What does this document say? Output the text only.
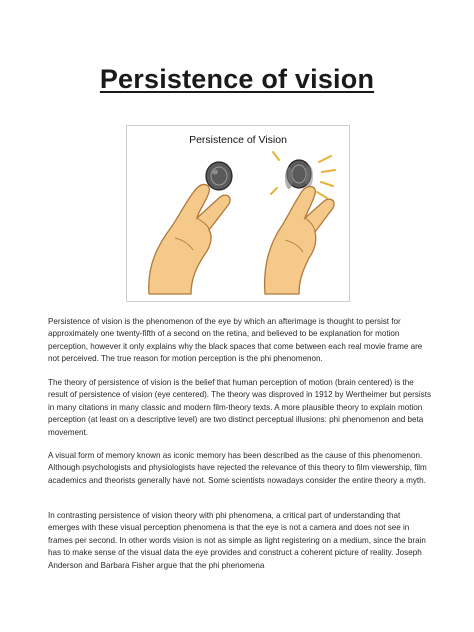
Persistence of vision
Persistence of Vision

Persistence of vision is the phenomenon of the eye by which an afterimage is thought to persist for approximately one twenty-fifth of a second on the retina, and believed to be explanation for motion perception, however it only explains why the black spaces that come between each real movie frame are not perceived. The true reason for motion perception is the phi phenomenon.

The theory of persistence of vision is the belief that human perception of motion (brain centered) is the result of persistence of vision (eye centered). The theory was disproved in 1912 by Wertheimer but persists in many citations in many classic and modern film-theory texts. A more plausible theory to explain motion perception (at least on a descriptive level) are two distinct perceptual illusions: phi phenomenon and beta movement.

A visual form of memory known as iconic memory has been described as the cause of this phenomenon. Although psychologists and physiologists have rejected the relevance of this theory to film viewership, film academics and theorists generally have not. Some scientists nowadays consider the entire theory a myth.

In contrasting persistence of vision theory with phi phenomena, a critical part of understanding that emerges with these visual perception phenomena is that the eye is not a camera and does not see in frames per second. In other words vision is not as simple as light registering on a medium, since the brain has to make sense of the visual data the eye provides and construct a coherent picture of reality. Joseph Anderson and Barbara Fisher argue that the phi phenomena
